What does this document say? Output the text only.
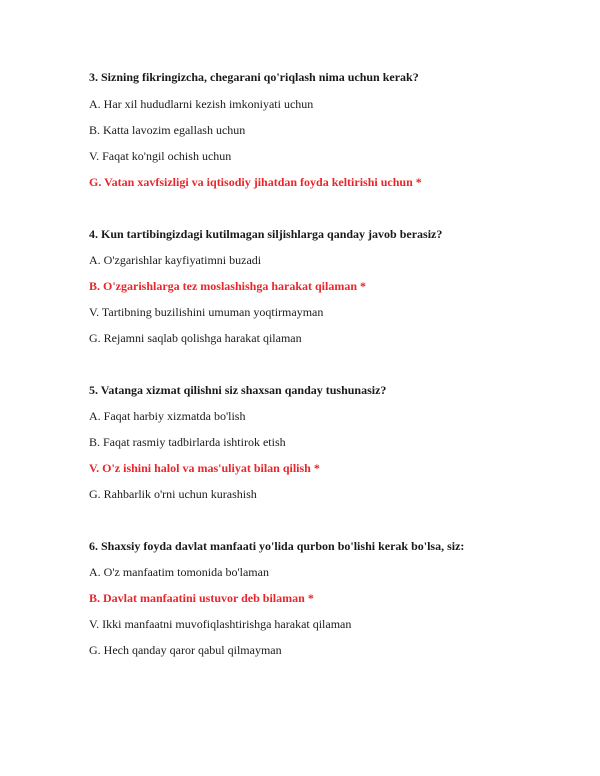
3. Sizning fikringizcha, chegarani qo'riqlash nima uchun kerak?
A. Har xil hududlarni kezish imkoniyati uchun
B. Katta lavozim egallash uchun
V. Faqat ko'ngil ochish uchun
G. Vatan xavfsizligi va iqtisodiy jihatdan foyda keltirishi uchun *
4. Kun tartibingizdagi kutilmagan siljishlarga qanday javob berasiz?
A. O'zgarishlar kayfiyatimni buzadi
B. O'zgarishlarga tez moslashishga harakat qilaman *
V. Tartibning buzilishini umuman yoqtirmayman
G. Rejamni saqlab qolishga harakat qilaman
5. Vatanga xizmat qilishni siz shaxsan qanday tushunasiz?
A. Faqat harbiy xizmatda bo'lish
B. Faqat rasmiy tadbirlarda ishtirok etish
V. O'z ishini halol va mas'uliyat bilan qilish *
G. Rahbarlik o'rni uchun kurashish
6. Shaxsiy foyda davlat manfaati yo'lida qurbon bo'lishi kerak bo'lsa, siz:
A. O'z manfaatim tomonida bo'laman
B. Davlat manfaatini ustuvor deb bilaman *
V. Ikki manfaatni muvofiqlashtirishga harakat qilaman
G. Hech qanday qaror qabul qilmayman
